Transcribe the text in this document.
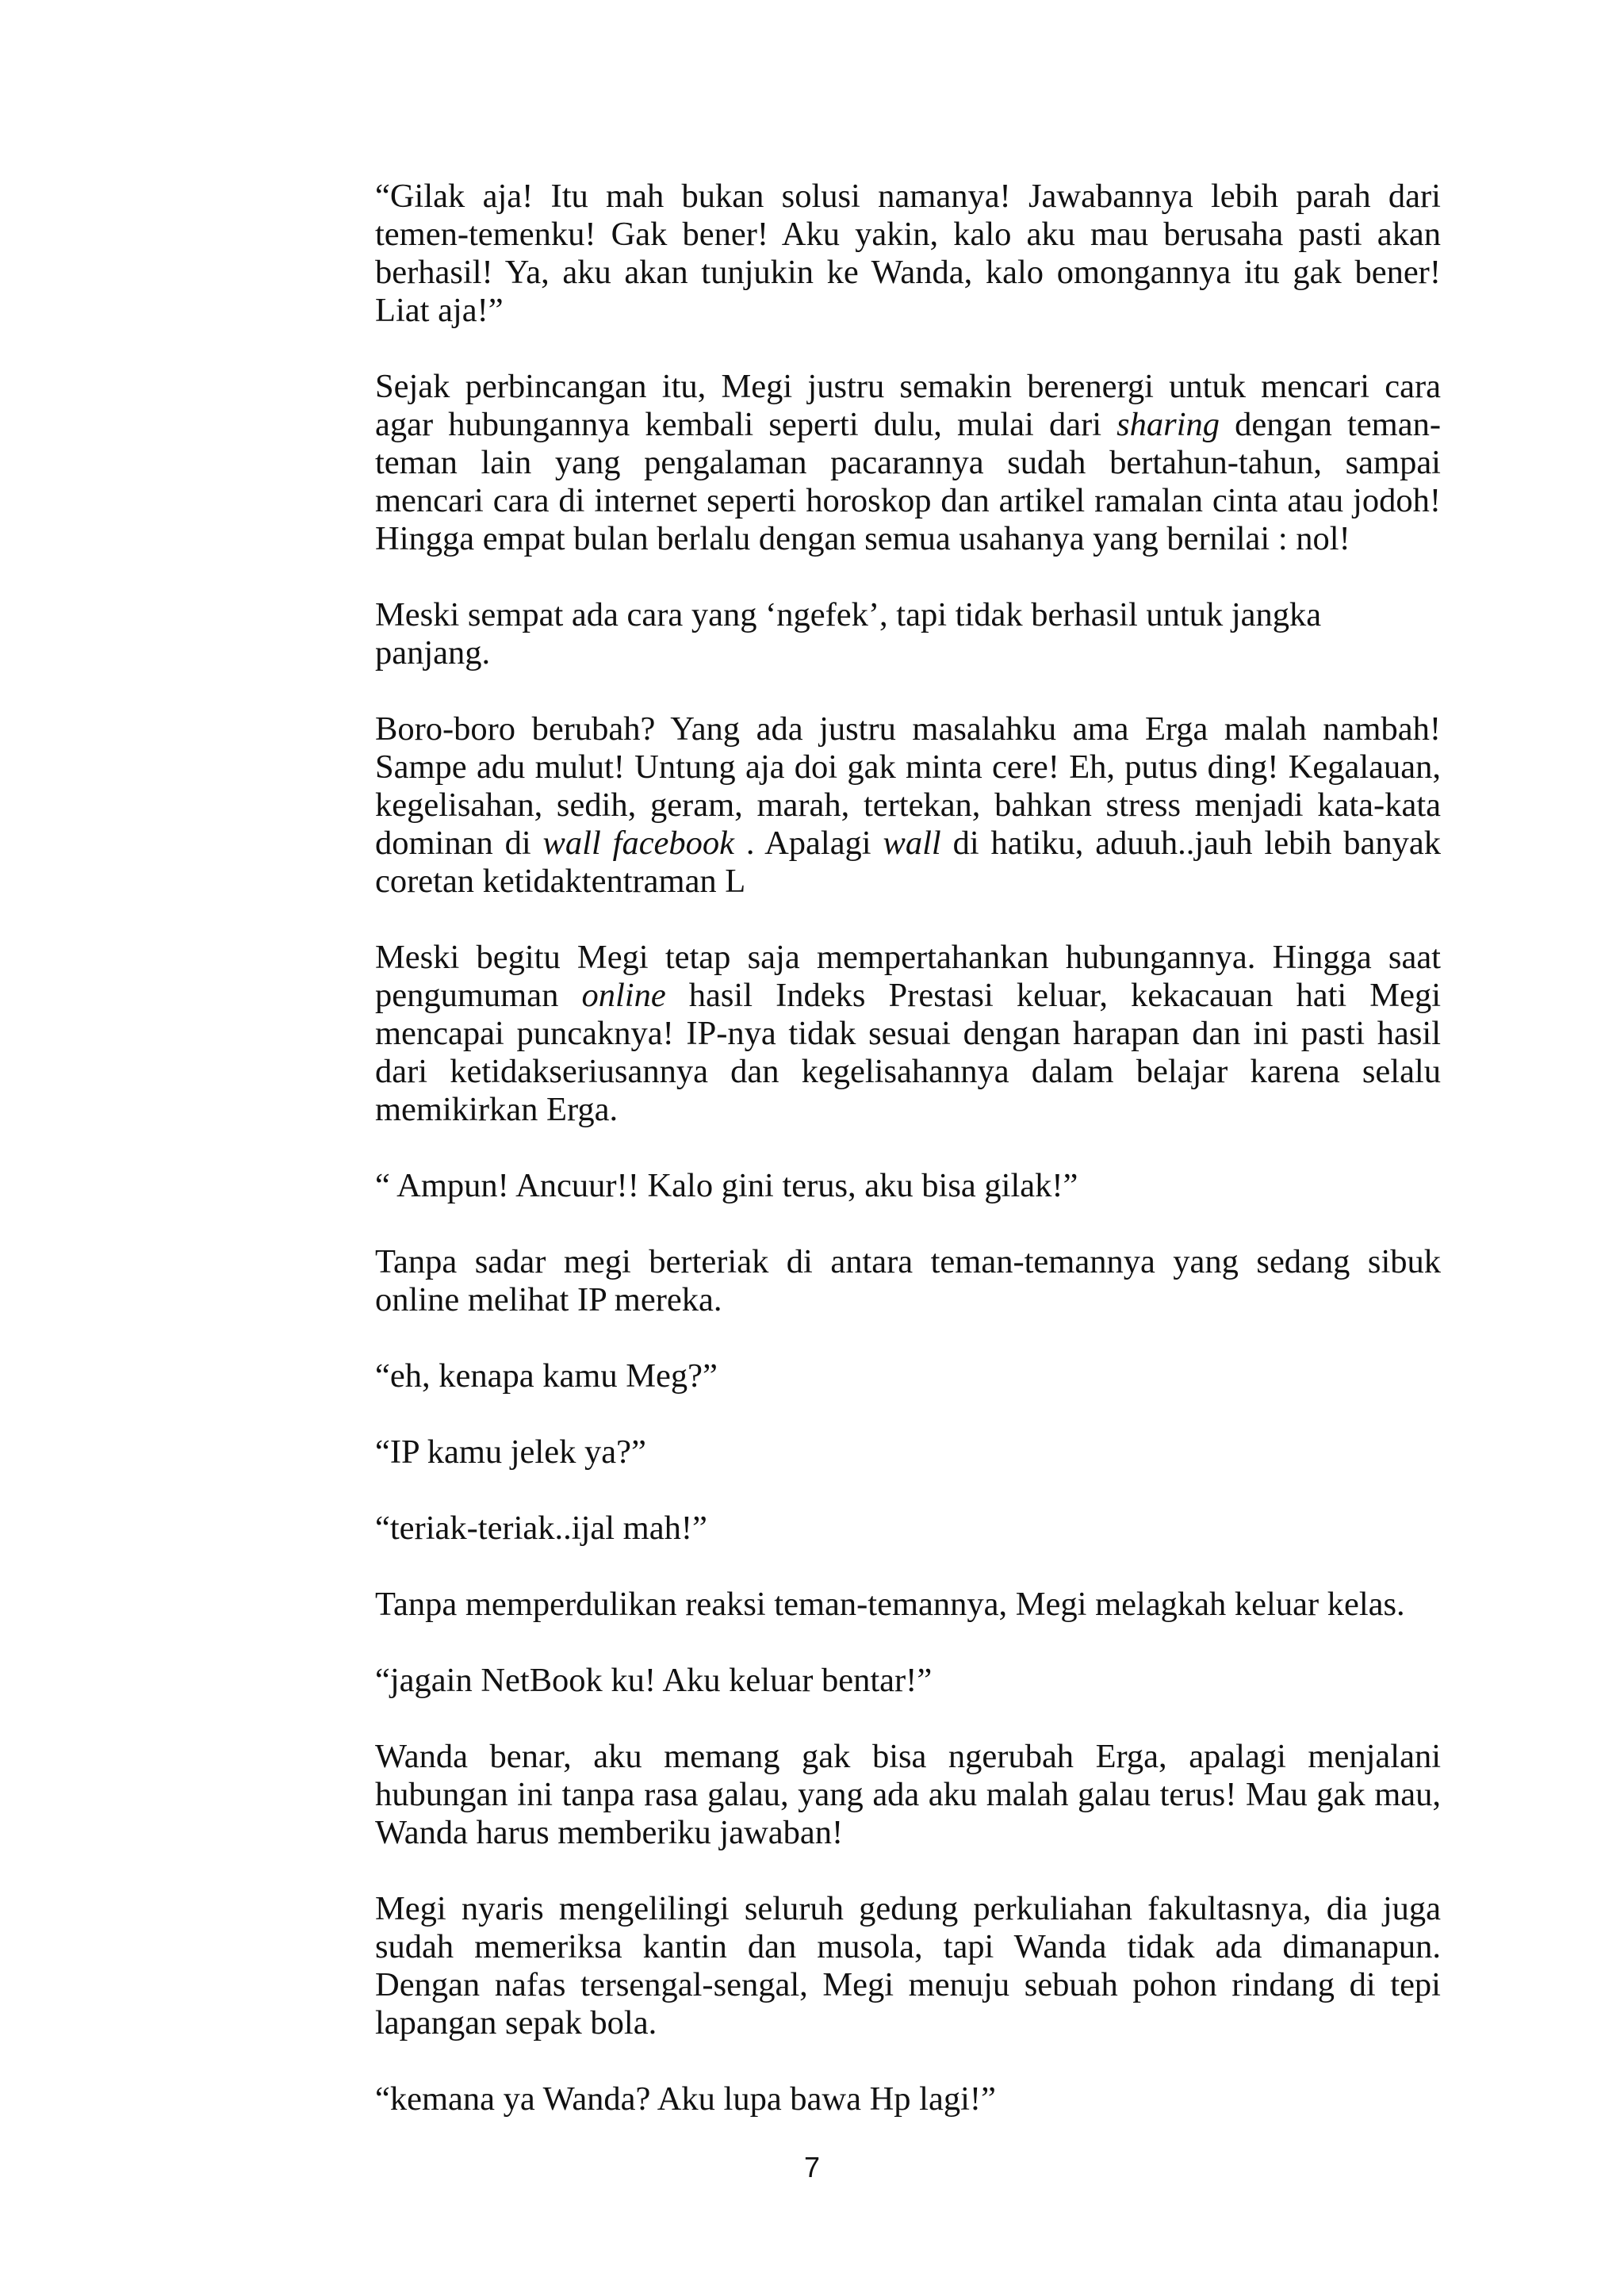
“Gilak aja! Itu mah bukan solusi namanya! Jawabannya lebih parah dari temen-temenku! Gak bener! Aku yakin, kalo aku mau berusaha pasti akan berhasil! Ya, aku akan tunjukin ke Wanda, kalo omongannya itu gak bener! Liat aja!”

Sejak perbincangan itu, Megi justru semakin berenergi untuk mencari cara agar hubungannya kembali seperti dulu, mulai dari sharing dengan teman-teman lain yang pengalaman pacarannya sudah bertahun-tahun, sampai mencari cara di internet seperti horoskop dan artikel ramalan cinta atau jodoh! Hingga empat bulan berlalu dengan semua usahanya yang bernilai : nol!

Meski sempat ada cara yang ‘ngefek’, tapi tidak berhasil untuk jangka panjang.

Boro-boro berubah? Yang ada justru masalahku ama Erga malah nambah! Sampe adu mulut! Untung aja doi gak minta cere! Eh, putus ding! Kegalauan, kegelisahan, sedih, geram, marah, tertekan, bahkan stress menjadi kata-kata dominan di wall facebook . Apalagi wall di hatiku, aduuh..jauh lebih banyak coretan ketidaktentraman L

Meski begitu Megi tetap saja mempertahankan hubungannya. Hingga saat pengumuman online hasil Indeks Prestasi keluar, kekacauan hati Megi mencapai puncaknya! IP-nya tidak sesuai dengan harapan dan ini pasti hasil dari ketidakseriusannya dan kegelisahannya dalam belajar karena selalu memikirkan Erga.

“ Ampun! Ancuur!! Kalo gini terus, aku bisa gilak!”

Tanpa sadar megi berteriak di antara teman-temannya yang sedang sibuk online melihat IP mereka.

“eh, kenapa kamu Meg?”

“IP kamu jelek ya?”

“teriak-teriak..ijal mah!”

Tanpa memperdulikan reaksi teman-temannya, Megi melagkah keluar kelas.

“jagain NetBook ku! Aku keluar bentar!”

Wanda benar, aku memang gak bisa ngerubah Erga, apalagi menjalani hubungan ini tanpa rasa galau, yang ada aku malah galau terus! Mau gak mau, Wanda harus memberiku jawaban!

Megi nyaris mengelilingi seluruh gedung perkuliahan fakultasnya, dia juga sudah memeriksa kantin dan musola, tapi Wanda tidak ada dimanapun. Dengan nafas tersengal-sengal, Megi menuju sebuah pohon rindang di tepi lapangan sepak bola.

“kemana ya Wanda? Aku lupa bawa Hp lagi!”

7
